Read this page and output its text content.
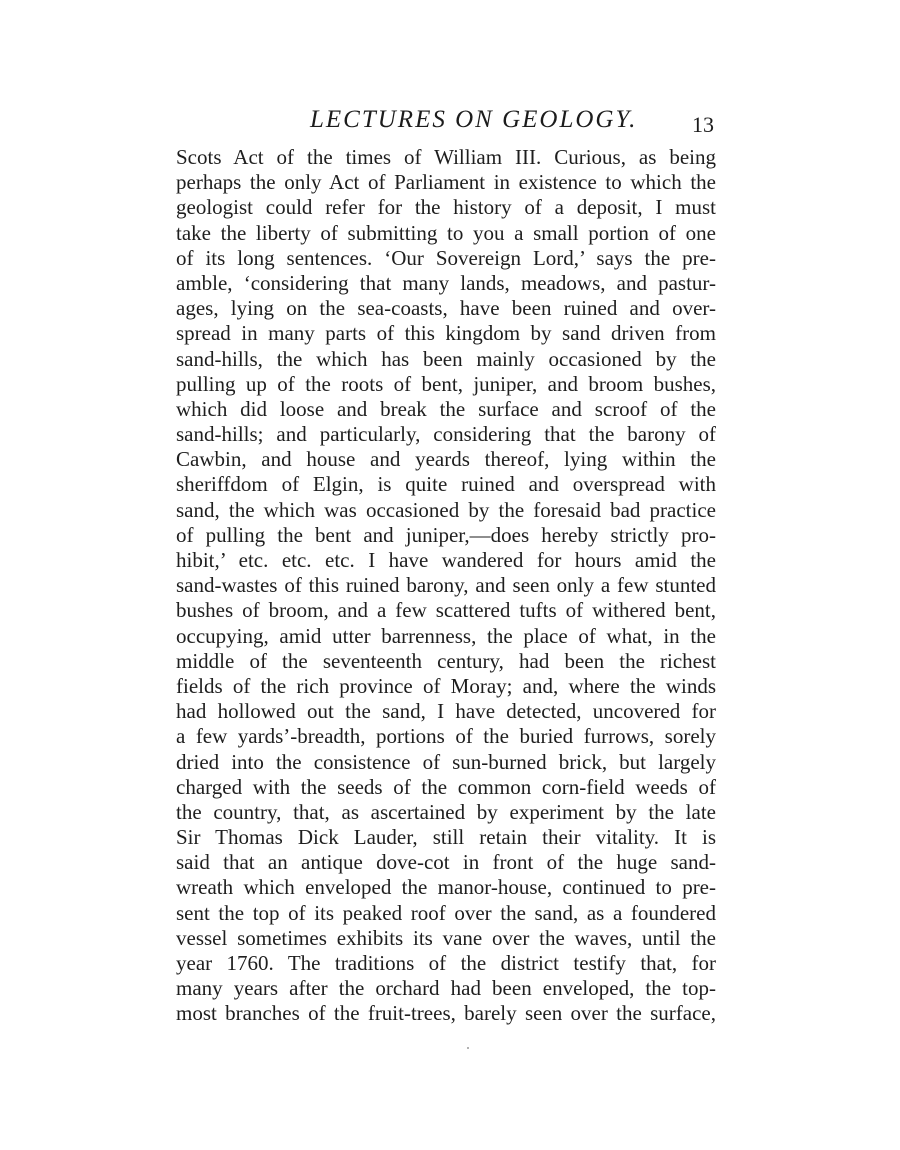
LECTURES ON GEOLOGY. 13
Scots Act of the times of William III. Curious, as being
perhaps the only Act of Parliament in existence to which the
geologist could refer for the history of a deposit, I must
take the liberty of submitting to you a small portion of one
of its long sentences. ‘Our Sovereign Lord,’ says the pre-
amble, ‘considering that many lands, meadows, and pastur-
ages, lying on the sea-coasts, have been ruined and over-
spread in many parts of this kingdom by sand driven from
sand-hills, the which has been mainly occasioned by the
pulling up of the roots of bent, juniper, and broom bushes,
which did loose and break the surface and scroof of the
sand-hills; and particularly, considering that the barony of
Cawbin, and house and yeards thereof, lying within the
sheriffdom of Elgin, is quite ruined and overspread with
sand, the which was occasioned by the foresaid bad practice
of pulling the bent and juniper,—does hereby strictly pro-
hibit,’ etc. etc. etc. I have wandered for hours amid the
sand-wastes of this ruined barony, and seen only a few stunted
bushes of broom, and a few scattered tufts of withered bent,
occupying, amid utter barrenness, the place of what, in the
middle of the seventeenth century, had been the richest
fields of the rich province of Moray; and, where the winds
had hollowed out the sand, I have detected, uncovered for
a few yards’-breadth, portions of the buried furrows, sorely
dried into the consistence of sun-burned brick, but largely
charged with the seeds of the common corn-field weeds of
the country, that, as ascertained by experiment by the late
Sir Thomas Dick Lauder, still retain their vitality. It is
said that an antique dove-cot in front of the huge sand-
wreath which enveloped the manor-house, continued to pre-
sent the top of its peaked roof over the sand, as a foundered
vessel sometimes exhibits its vane over the waves, until the
year 1760. The traditions of the district testify that, for
many years after the orchard had been enveloped, the top-
most branches of the fruit-trees, barely seen over the surface,
